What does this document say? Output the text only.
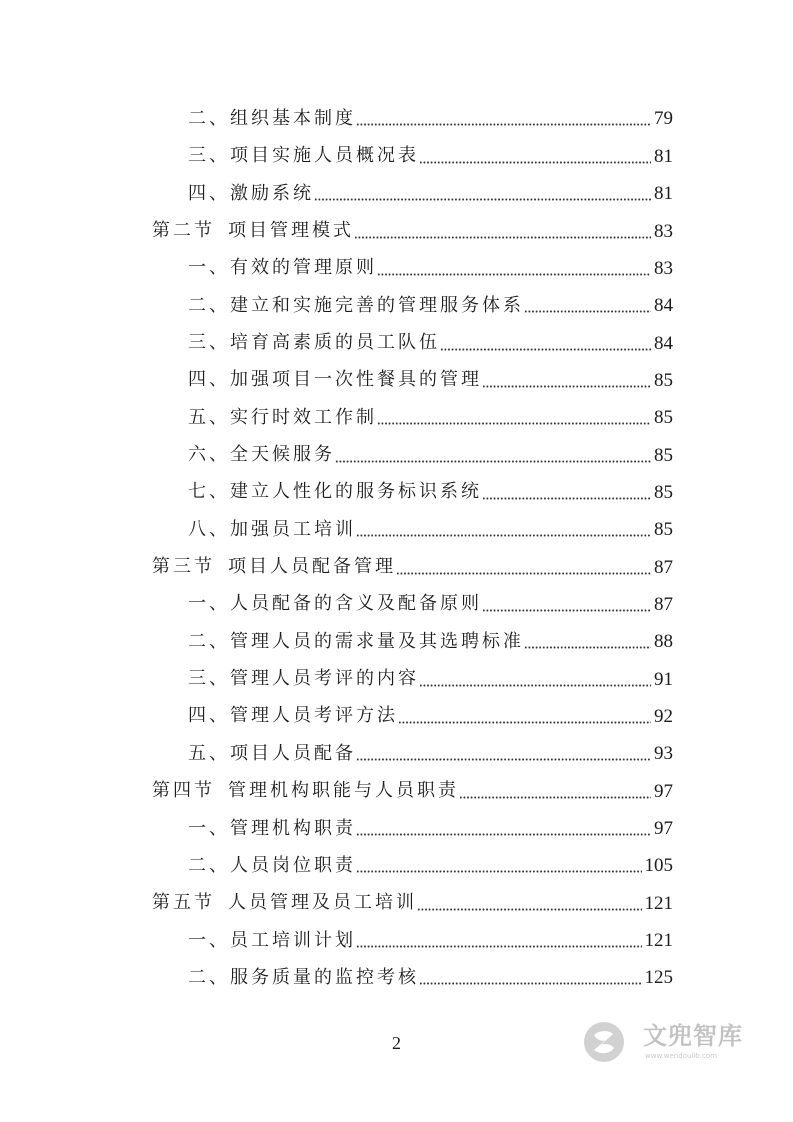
二、组织基本制度	79
三、项目实施人员概况表	81
四、激励系统	81
第二节 项目管理模式	83
一、有效的管理原则	83
二、建立和实施完善的管理服务体系	84
三、培育高素质的员工队伍	84
四、加强项目一次性餐具的管理	85
五、实行时效工作制	85
六、全天候服务	85
七、建立人性化的服务标识系统	85
八、加强员工培训	85
第三节 项目人员配备管理	87
一、人员配备的含义及配备原则	87
二、管理人员的需求量及其选聘标准	88
三、管理人员考评的内容	91
四、管理人员考评方法	92
五、项目人员配备	93
第四节 管理机构职能与人员职责	97
一、管理机构职责	97
二、人员岗位职责	105
第五节 人员管理及员工培训	121
一、员工培训计划	121
二、服务质量的监控考核	125
2	文兜智库
www.wendoulib.com
